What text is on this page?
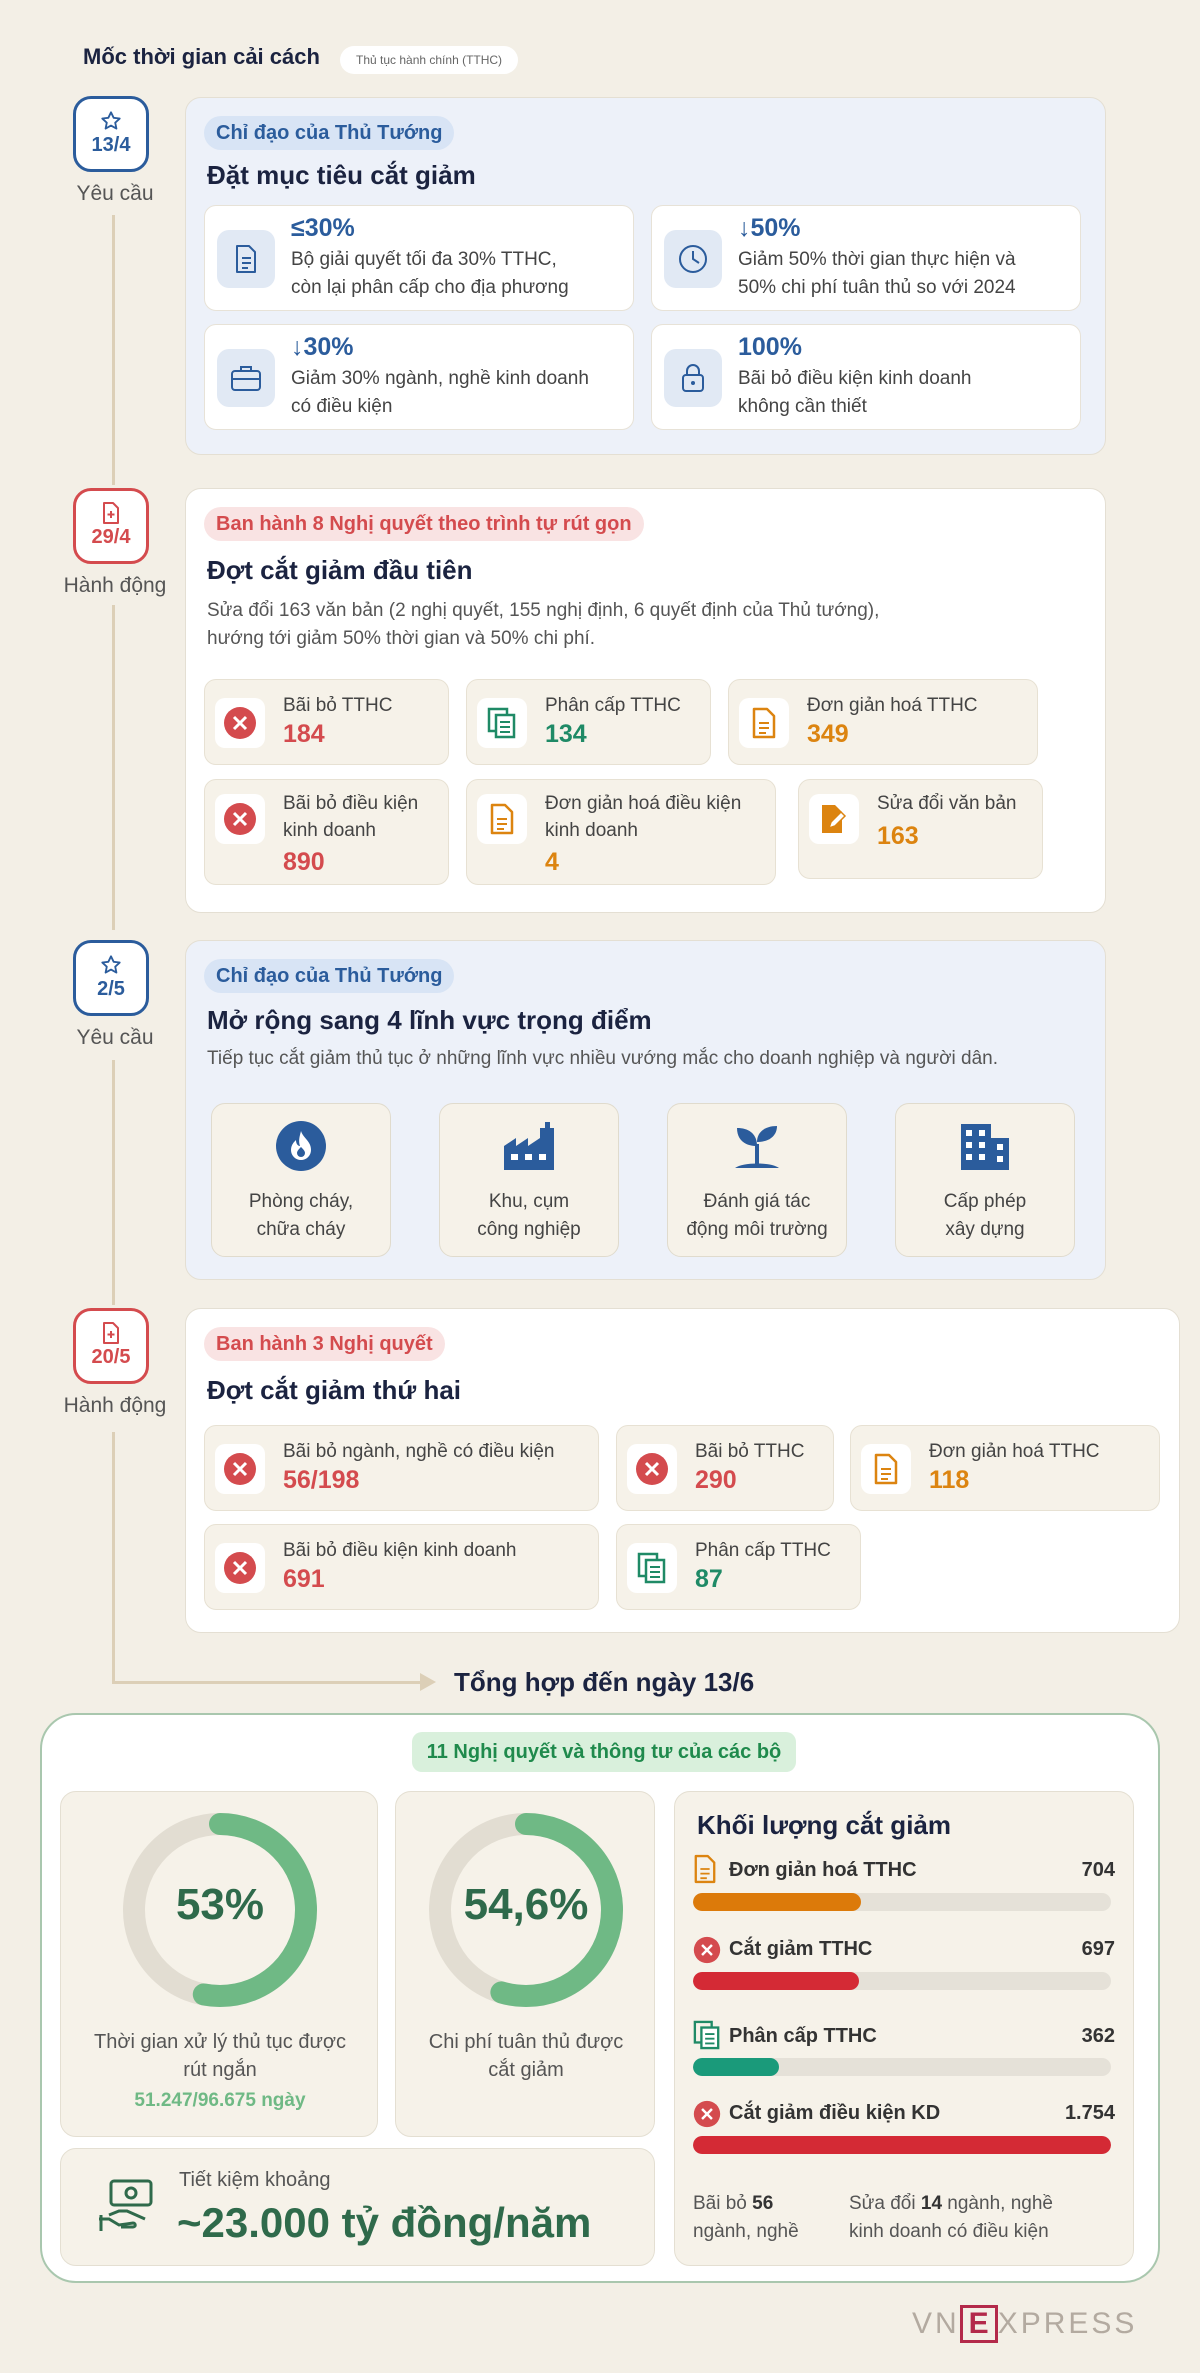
Mốc thời gian cải cách	Thủ tục hành chính (TTHC)
13/4
Yêu cầu
Chỉ đạo của Thủ Tướng
Đặt mục tiêu cắt giảm
≤30%
Bộ giải quyết tối đa 30% TTHC,
còn lại phân cấp cho địa phương
↓50%
Giảm 50% thời gian thực hiện và
50% chi phí tuân thủ so với 2024
↓30%
Giảm 30% ngành, nghề kinh doanh
có điều kiện
100%
Bãi bỏ điều kiện kinh doanh
không cần thiết
29/4
Hành động
Ban hành 8 Nghị quyết theo trình tự rút gọn
Đợt cắt giảm đầu tiên
Sửa đổi 163 văn bản (2 nghị quyết, 155 nghị định, 6 quyết định của Thủ tướng),
hướng tới giảm 50% thời gian và 50% chi phí.
Bãi bỏ TTHC
184
Phân cấp TTHC
134
Đơn giản hoá TTHC
349
Bãi bỏ điều kiện
kinh doanh
890
Đơn giản hoá điều kiện
kinh doanh
4
Sửa đổi văn bản
163
2/5
Yêu cầu
Chỉ đạo của Thủ Tướng
Mở rộng sang 4 lĩnh vực trọng điểm
Tiếp tục cắt giảm thủ tục ở những lĩnh vực nhiều vướng mắc cho doanh nghiệp và người dân.
Phòng cháy,
chữa cháy
Khu, cụm
công nghiệp
Đánh giá tác
động môi trường
Cấp phép
xây dựng
20/5
Hành động
Ban hành 3 Nghị quyết
Đợt cắt giảm thứ hai
Bãi bỏ ngành, nghề có điều kiện
56/198
Bãi bỏ TTHC
290
Đơn giản hoá TTHC
118
Bãi bỏ điều kiện kinh doanh
691
Phân cấp TTHC
87
Tổng hợp đến ngày 13/6
11 Nghị quyết và thông tư của các bộ
53%
Thời gian xử lý thủ tục được
rút ngắn
51.247/96.675 ngày
54,6%
Chi phí tuân thủ được
cắt giảm
Tiết kiệm khoảng
~23.000 tỷ đồng/năm
Khối lượng cắt giảm
Đơn giản hoá TTHC	704
Cắt giảm TTHC	697
Phân cấp TTHC	362
Cắt giảm điều kiện KD	1.754
Bãi bỏ 56
ngành, nghề
Sửa đổi 14 ngành, nghề
kinh doanh có điều kiện
VN E XPRESS
